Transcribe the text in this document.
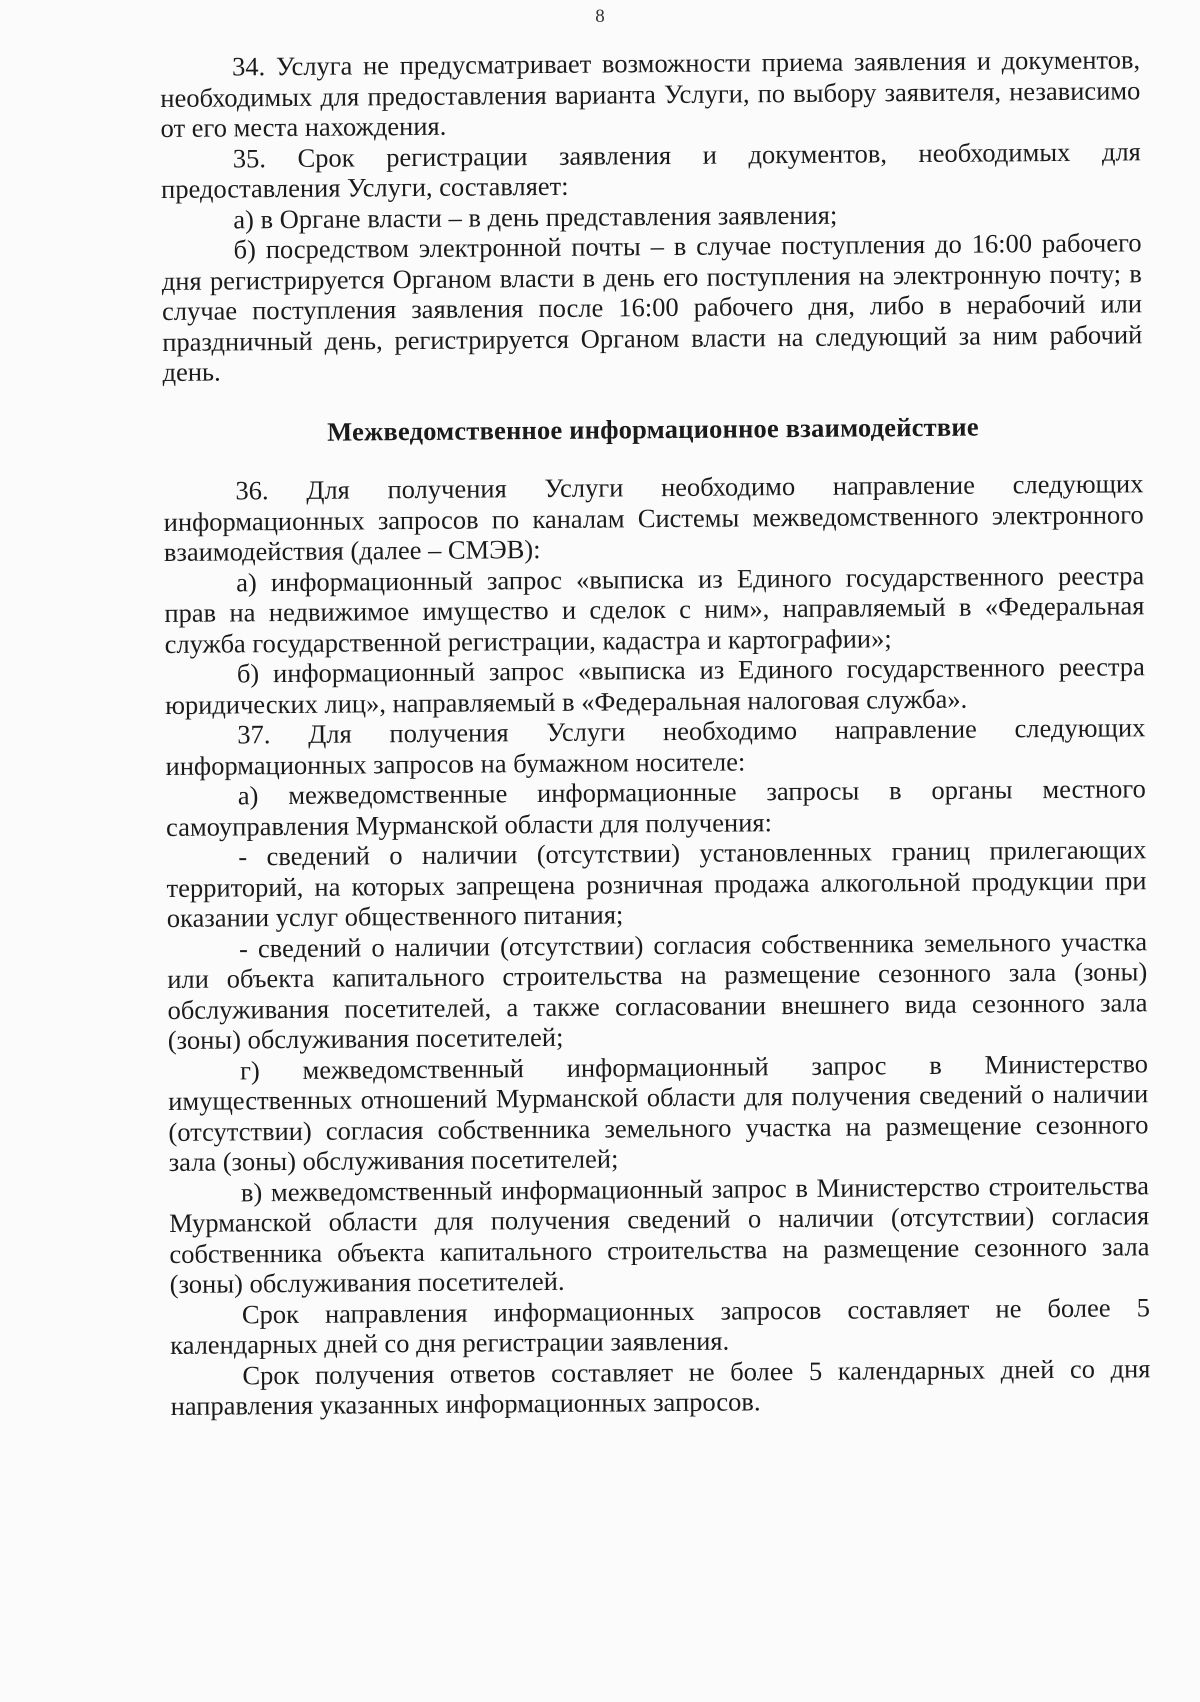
8

34. Услуга не предусматривает возможности приема заявления и документов, необходимых для предоставления варианта Услуги, по выбору заявителя, независимо от его места нахождения.

35. Срок регистрации заявления и документов, необходимых для предоставления Услуги, составляет:

а) в Органе власти – в день представления заявления;

б) посредством электронной почты – в случае поступления до 16:00 рабочего дня регистрируется Органом власти в день его поступления на электронную почту; в случае поступления заявления после 16:00 рабочего дня, либо в нерабочий или праздничный день, регистрируется Органом власти на следующий за ним рабочий день.

Межведомственное информационное взаимодействие

36. Для получения Услуги необходимо направление следующих информационных запросов по каналам Системы межведомственного электронного взаимодействия (далее – СМЭВ):

а) информационный запрос «выписка из Единого государственного реестра прав на недвижимое имущество и сделок с ним», направляемый в «Федеральная служба государственной регистрации, кадастра и картографии»;

б) информационный запрос «выписка из Единого государственного реестра юридических лиц», направляемый в «Федеральная налоговая служба».

37. Для получения Услуги необходимо направление следующих информационных запросов на бумажном носителе:

а) межведомственные информационные запросы в органы местного самоуправления Мурманской области для получения:

- сведений о наличии (отсутствии) установленных границ прилегающих территорий, на которых запрещена розничная продажа алкогольной продукции при оказании услуг общественного питания;

- сведений о наличии (отсутствии) согласия собственника земельного участка или объекта капитального строительства на размещение сезонного зала (зоны) обслуживания посетителей, а также согласовании внешнего вида сезонного зала (зоны) обслуживания посетителей;

г) межведомственный информационный запрос в Министерство имущественных отношений Мурманской области для получения сведений о наличии (отсутствии) согласия собственника земельного участка на размещение сезонного зала (зоны) обслуживания посетителей;

в) межведомственный информационный запрос в Министерство строительства Мурманской области для получения сведений о наличии (отсутствии) согласия собственника объекта капитального строительства на размещение сезонного зала (зоны) обслуживания посетителей.

Срок направления информационных запросов составляет не более 5 календарных дней со дня регистрации заявления.

Срок получения ответов составляет не более 5 календарных дней со дня направления указанных информационных запросов.
